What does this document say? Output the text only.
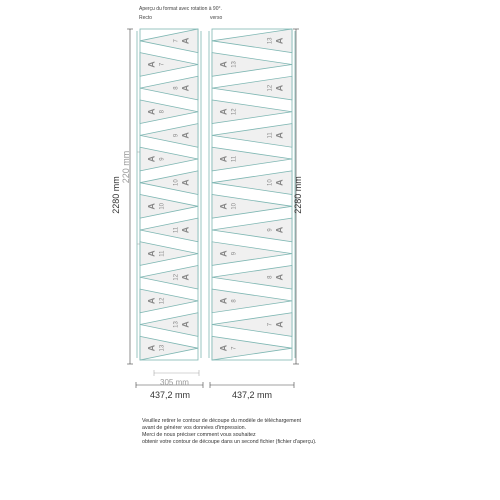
Aperçu du format avec rotation à 90°.
Recto	verso
A
7
A 7
A
8
A 8
A
9
A 9
A
10
A 10
A
11
A 11
A
12
A 12
A
13
A 13
A
13
A 13
A
12
A 12
A
11
A 11
A
10
A 10
A
9
A 9
A
8
A 8
A
7
A 7
2280 mm	2280 mm
220 mm
305 mm
437,2 mm	437,2 mm
Veuillez retirer le contour de découpe du modèle de téléchargement
avant de générer vos données d'impression.
Merci de nous préciser comment vous souhaitez
obtenir votre contour de découpe dans un second fichier (fichier d'aperçu).
